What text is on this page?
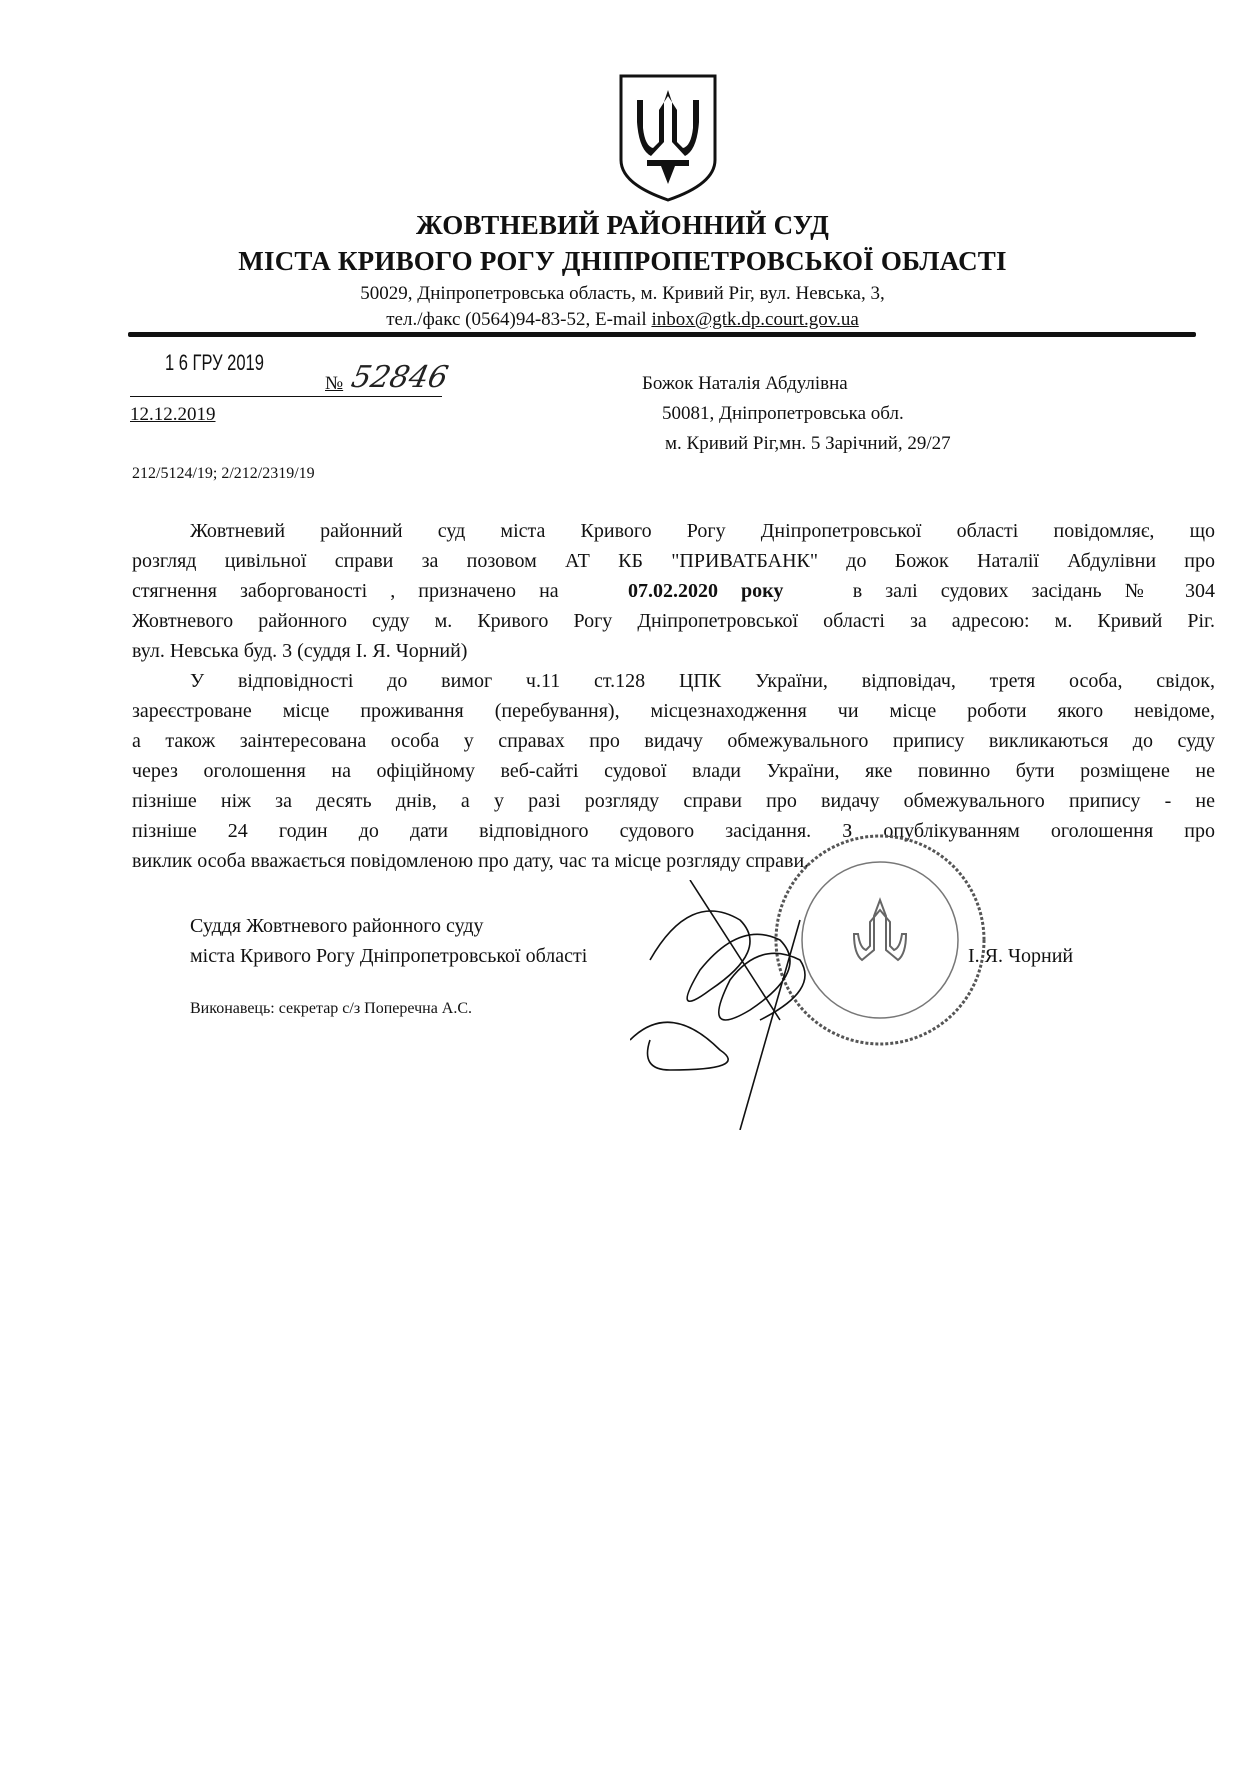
ЖОВТНЕВИЙ РАЙОННИЙ СУД
МІСТА КРИВОГО РОГУ ДНІПРОПЕТРОВСЬКОЇ ОБЛАСТІ
50029, Дніпропетровська область, м. Кривий Ріг, вул. Невська, 3,
тел./факс (0564)94-83-52, E-mail inbox@gtk.dp.court.gov.ua
1 6 ГРУ 2019
№ 52846
12.12.2019
212/5124/19; 2/212/2319/19
Божок Наталія Абдулівна
50081, Дніпропетровська обл.
м. Кривий Ріг,мн. 5 Зарічний, 29/27
Жовтневий районний суд міста Кривого Рогу Дніпропетровської області повідомляє, що
розгляд цивільної справи за позовом АТ КБ "ПРИВАТБАНК" до Божок Наталії Абдулівни про
стягнення заборгованості , призначено на	07.02.2020 року	в залі судових засідань № 304
Жовтневого районного суду м. Кривого Рогу Дніпропетровської області за адресою: м. Кривий Ріг.
вул. Невська буд. 3 (суддя І. Я. Чорний)
У відповідності до вимог ч.11 ст.128 ЦПК України, відповідач, третя особа, свідок,
зареєстроване місце проживання (перебування), місцезнаходження чи місце роботи якого невідоме,
а також заінтересована особа у справах про видачу обмежувального припису викликаються до суду
через оголошення на офіційному веб-сайті судової влади України, яке повинно бути розміщене не
пізніше ніж за десять днів, а у разі розгляду справи про видачу обмежувального припису - не
пізніше 24 годин до дати відповідного судового засідання. З опублікуванням оголошення про
виклик особа вважається повідомленою про дату, час та місце розгляду справи.
Суддя Жовтневого районного суду
міста Кривого Рогу Дніпропетровської області	І. Я. Чорний
Виконавець: секретар с/з Поперечна А.С.
